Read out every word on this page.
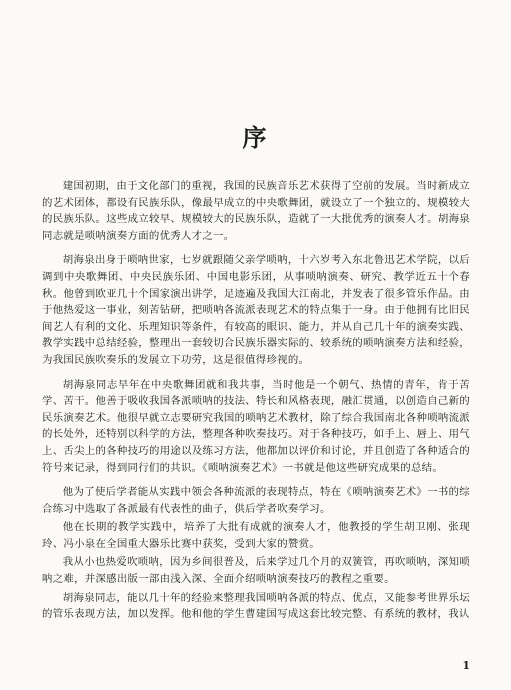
序

建国初期，由于文化部门的重视，我国的民族音乐艺术获得了空前的发展。当时新成立的艺术团体，都设有民族乐队，像最早成立的中央歌舞团，就设立了一个独立的、规模较大的民族乐队。这些成立较早、规模较大的民族乐队，造就了一大批优秀的演奏人才。胡海泉同志就是唢呐演奏方面的优秀人才之一。

胡海泉出身于唢呐世家，七岁就跟随父亲学唢呐，十六岁考入东北鲁迅艺术学院，以后调到中央歌舞团、中央民族乐团、中国电影乐团，从事唢呐演奏、研究、教学近五十个春秋。他曾到欧亚几十个国家演出讲学，足迹遍及我国大江南北，并发表了很多管乐作品。由于他热爱这一事业，刻苦钻研，把唢呐各流派表现艺术的特点集于一身。由于他拥有比旧民间艺人有利的文化、乐理知识等条件，有较高的眼识、能力，并从自己几十年的演奏实践、教学实践中总结经验，整理出一套较切合民族乐器实际的、较系统的唢呐演奏方法和经验，为我国民族吹奏乐的发展立下功劳，这是很值得珍视的。

胡海泉同志早年在中央歌舞团就和我共事，当时他是一个朝气、热情的青年，肯于苦学、苦干。他善于吸收我国各派唢呐的技法、特长和风格表现，融汇贯通，以创造自己新的民乐演奏艺术。他很早就立志要研究我国的唢呐艺术教材，除了综合我国南北各种唢呐流派的长处外，还特别以科学的方法，整理各种吹奏技巧。对于各种技巧，如手上、唇上、用气上、舌尖上的各种技巧的用途以及练习方法，他都加以评价和讨论，并且创造了各种适合的符号来记录，得到同行们的共识。《唢呐演奏艺术》一书就是他这些研究成果的总结。

他为了使后学者能从实践中领会各种流派的表现特点，特在《唢呐演奏艺术》一书的综合练习中选取了各派最有代表性的曲子，供后学者吹奏学习。

他在长期的教学实践中，培养了大批有成就的演奏人才，他教授的学生胡卫刚、张现玲、冯小泉在全国重大器乐比赛中获奖，受到大家的赞赏。

我从小也热爱吹唢呐，因为乡间很普及，后来学过几个月的双簧管，再吹唢呐，深知唢呐之难，并深感出版一部由浅入深、全面介绍唢呐演奏技巧的教程之重要。

胡海泉同志，能以几十年的经验来整理我国唢呐各派的特点、优点，又能参考世界乐坛的管乐表现方法，加以发挥。他和他的学生曹建国写成这套比较完整、有系统的教材，我认

1
